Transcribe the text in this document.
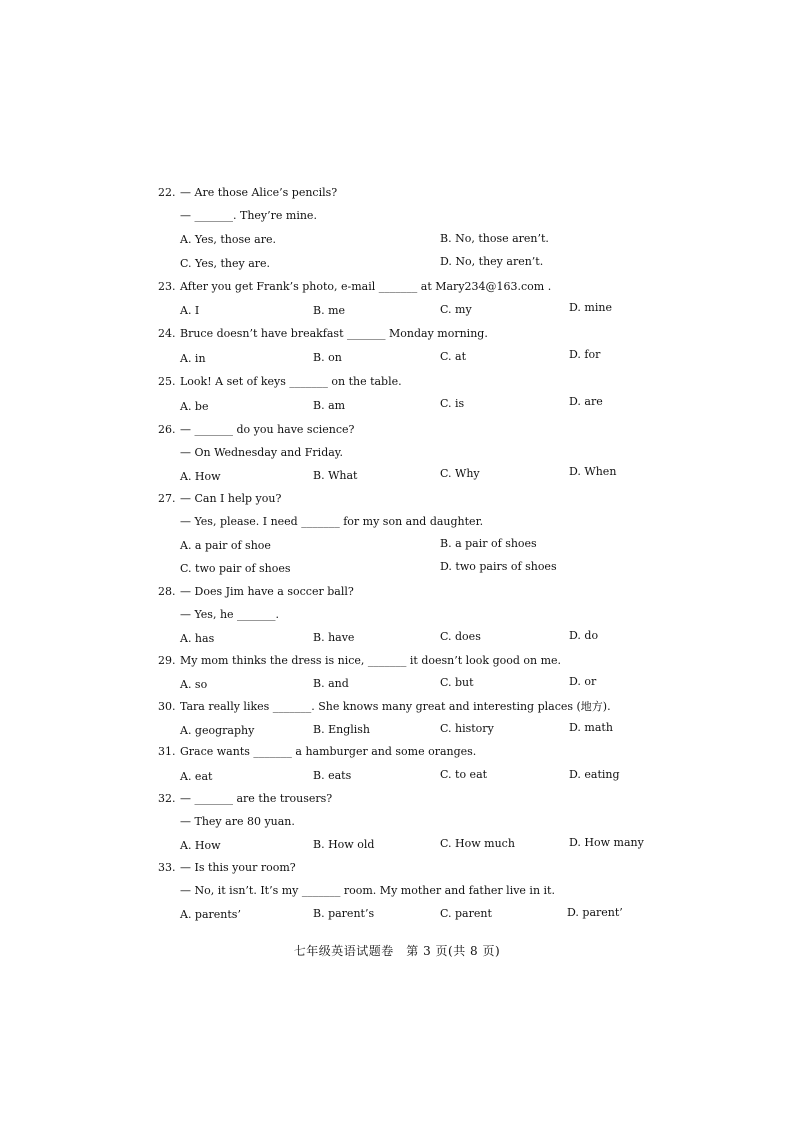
22. — Are those Alice’s pencils?
— _______. They’re mine.
A. Yes, those are.	B. No, those aren’t.
C. Yes, they are.	D. No, they aren’t.
23. After you get Frank’s photo, e-mail _______ at Mary234@163.com .
A. I	B. me	C. my	D. mine
24. Bruce doesn’t have breakfast _______ Monday morning.
A. in	B. on	C. at	D. for
25. Look! A set of keys _______ on the table.
A. be	B. am	C. is	D. are
26. — _______ do you have science?
— On Wednesday and Friday.
A. How	B. What	C. Why	D. When
27. — Can I help you?
— Yes, please. I need _______ for my son and daughter.
A. a pair of shoe	B. a pair of shoes
C. two pair of shoes	D. two pairs of shoes
28. — Does Jim have a soccer ball?
— Yes, he _______.
A. has	B. have	C. does	D. do
29. My mom thinks the dress is nice, _______ it doesn’t look good on me.
A. so	B. and	C. but	D. or
30. Tara really likes _______. She knows many great and interesting places (地方).
A. geography	B. English	C. history	D. math
31. Grace wants _______ a hamburger and some oranges.
A. eat	B. eats	C. to eat	D. eating
32. — _______ are the trousers?
— They are 80 yuan.
A. How	B. How old	C. How much	D. How many
33. — Is this your room?
— No, it isn’t. It’s my _______ room. My mother and father live in it.
A. parents’	B. parent’s	C. parent	D. parent’
七年级英语试题卷　第 3 页(共 8 页)
